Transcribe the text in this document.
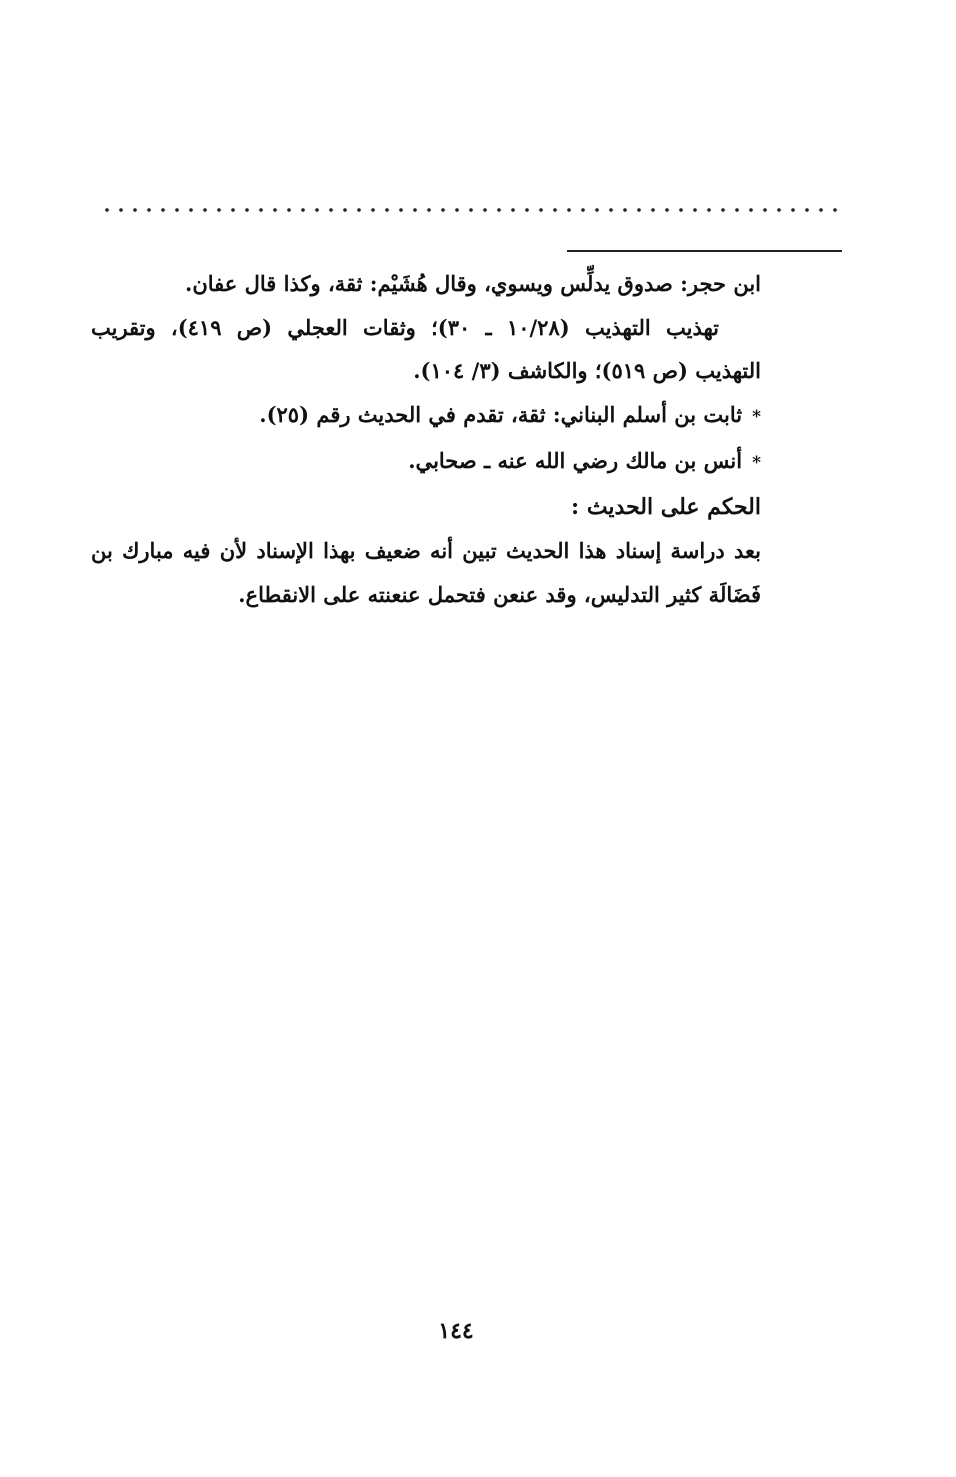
ابن حجر: صدوق يدلِّس ويسوي، وقال هُشَيْم: ثقة، وكذا قال عفان.
تهذيب التهذيب (١٠/٢٨ ـ ٣٠)؛ وثقات العجلي (ص ٤١٩)، وتقريب
التهذيب (ص ٥١٩)؛ والكاشف (٣/ ١٠٤).
*ثابت بن أسلم البناني: ثقة، تقدم في الحديث رقم (٢٥).
*أنس بن مالك رضي الله عنه ـ صحابي.
الحكم على الحديث :
بعد دراسة إسناد هذا الحديث تبين أنه ضعيف بهذا الإسناد لأن فيه مبارك بن
فَضَالَة كثير التدليس، وقد عنعن فتحمل عنعنته على الانقطاع.
١٤٤
